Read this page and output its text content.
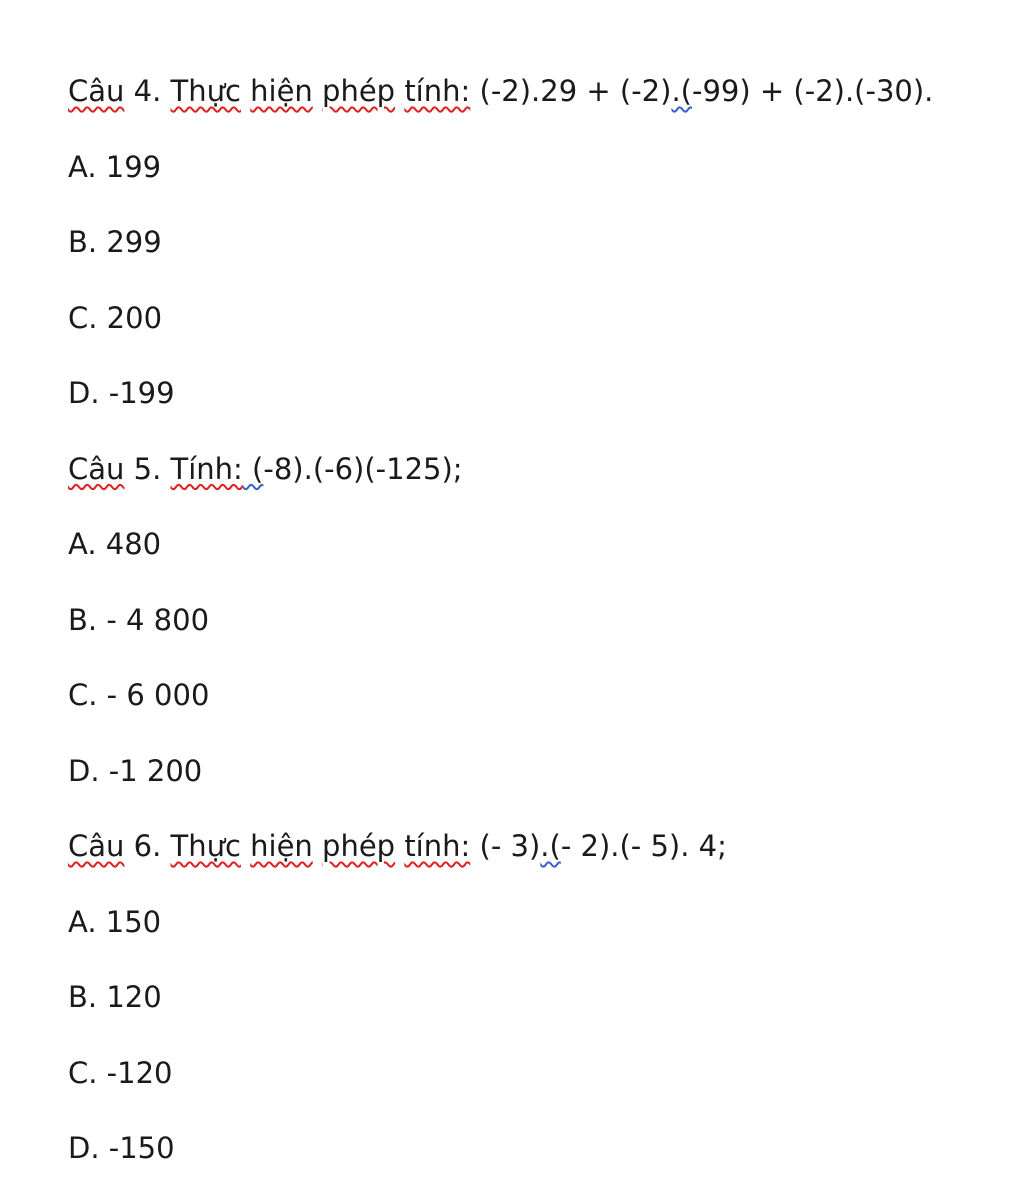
Câu 4. Thực hiện phép tính: (-2).29 + (-2).(-99) + (-2).(-30).
A. 199
B. 299
C. 200
D. -199
Câu 5. Tính: (-8).(-6)(-125);
A. 480
B. - 4 800
C. - 6 000
D. -1 200
Câu 6. Thực hiện phép tính: (- 3).(- 2).(- 5). 4;
A. 150
B. 120
C. -120
D. -150
